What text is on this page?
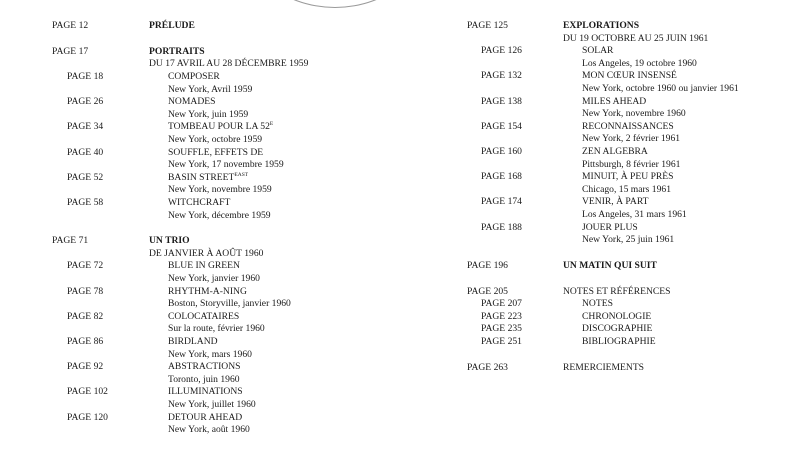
PAGE 12	PRÉLUDE
PAGE 17	PORTRAITS
DU 17 AVRIL AU 28 DÉCEMBRE 1959
PAGE 18	COMPOSER
New York, Avril 1959
PAGE 26	NOMADES
New York, juin 1959
PAGE 34	TOMBEAU POUR LA $52^E$
New York, octobre 1959
PAGE 40	SOUFFLE, EFFETS DE
New York, 17 novembre 1959
PAGE 52	BASIN $STREET^{EAST}$
New York, novembre 1959
PAGE 58	WITCHCRAFT
New York, décembre 1959
PAGE 71	UN TRIO
DE JANVIER À AOÛT 1960
PAGE 72	BLUE IN GREEN
New York, janvier 1960
PAGE 78	RHYTHM-A-NING
Boston, Storyville, janvier 1960
PAGE 82	COLOCATAIRES
Sur la route, février 1960
PAGE 86	BIRDLAND
New York, mars 1960
PAGE 92	ABSTRACTIONS
Toronto, juin 1960
PAGE 102	ILLUMINATIONS
New York, juillet 1960
PAGE 120	DETOUR AHEAD
New York, août 1960
PAGE 125	EXPLORATIONS
DU 19 OCTOBRE AU 25 JUIN 1961
PAGE 126	SOLAR
Los Angeles, 19 octobre 1960
PAGE 132	MON CŒUR INSENSÉ
New York, octobre 1960 ou janvier 1961
PAGE 138	MILES AHEAD
New York, novembre 1960
PAGE 154	RECONNAISSANCES
New York, 2 février 1961
PAGE 160	ZEN ALGEBRA
Pittsburgh, 8 février 1961
PAGE 168	MINUIT, À PEU PRÈS
Chicago, 15 mars 1961
PAGE 174	VENIR, À PART
Los Angeles, 31 mars 1961
PAGE 188	JOUER PLUS
New York, 25 juin 1961
PAGE 196	UN MATIN QUI SUIT
PAGE 205	NOTES ET RÉFÉRENCES
PAGE 207	NOTES
PAGE 223	CHRONOLOGIE
PAGE 235	DISCOGRAPHIE
PAGE 251	BIBLIOGRAPHIE
PAGE 263	REMERCIEMENTS
